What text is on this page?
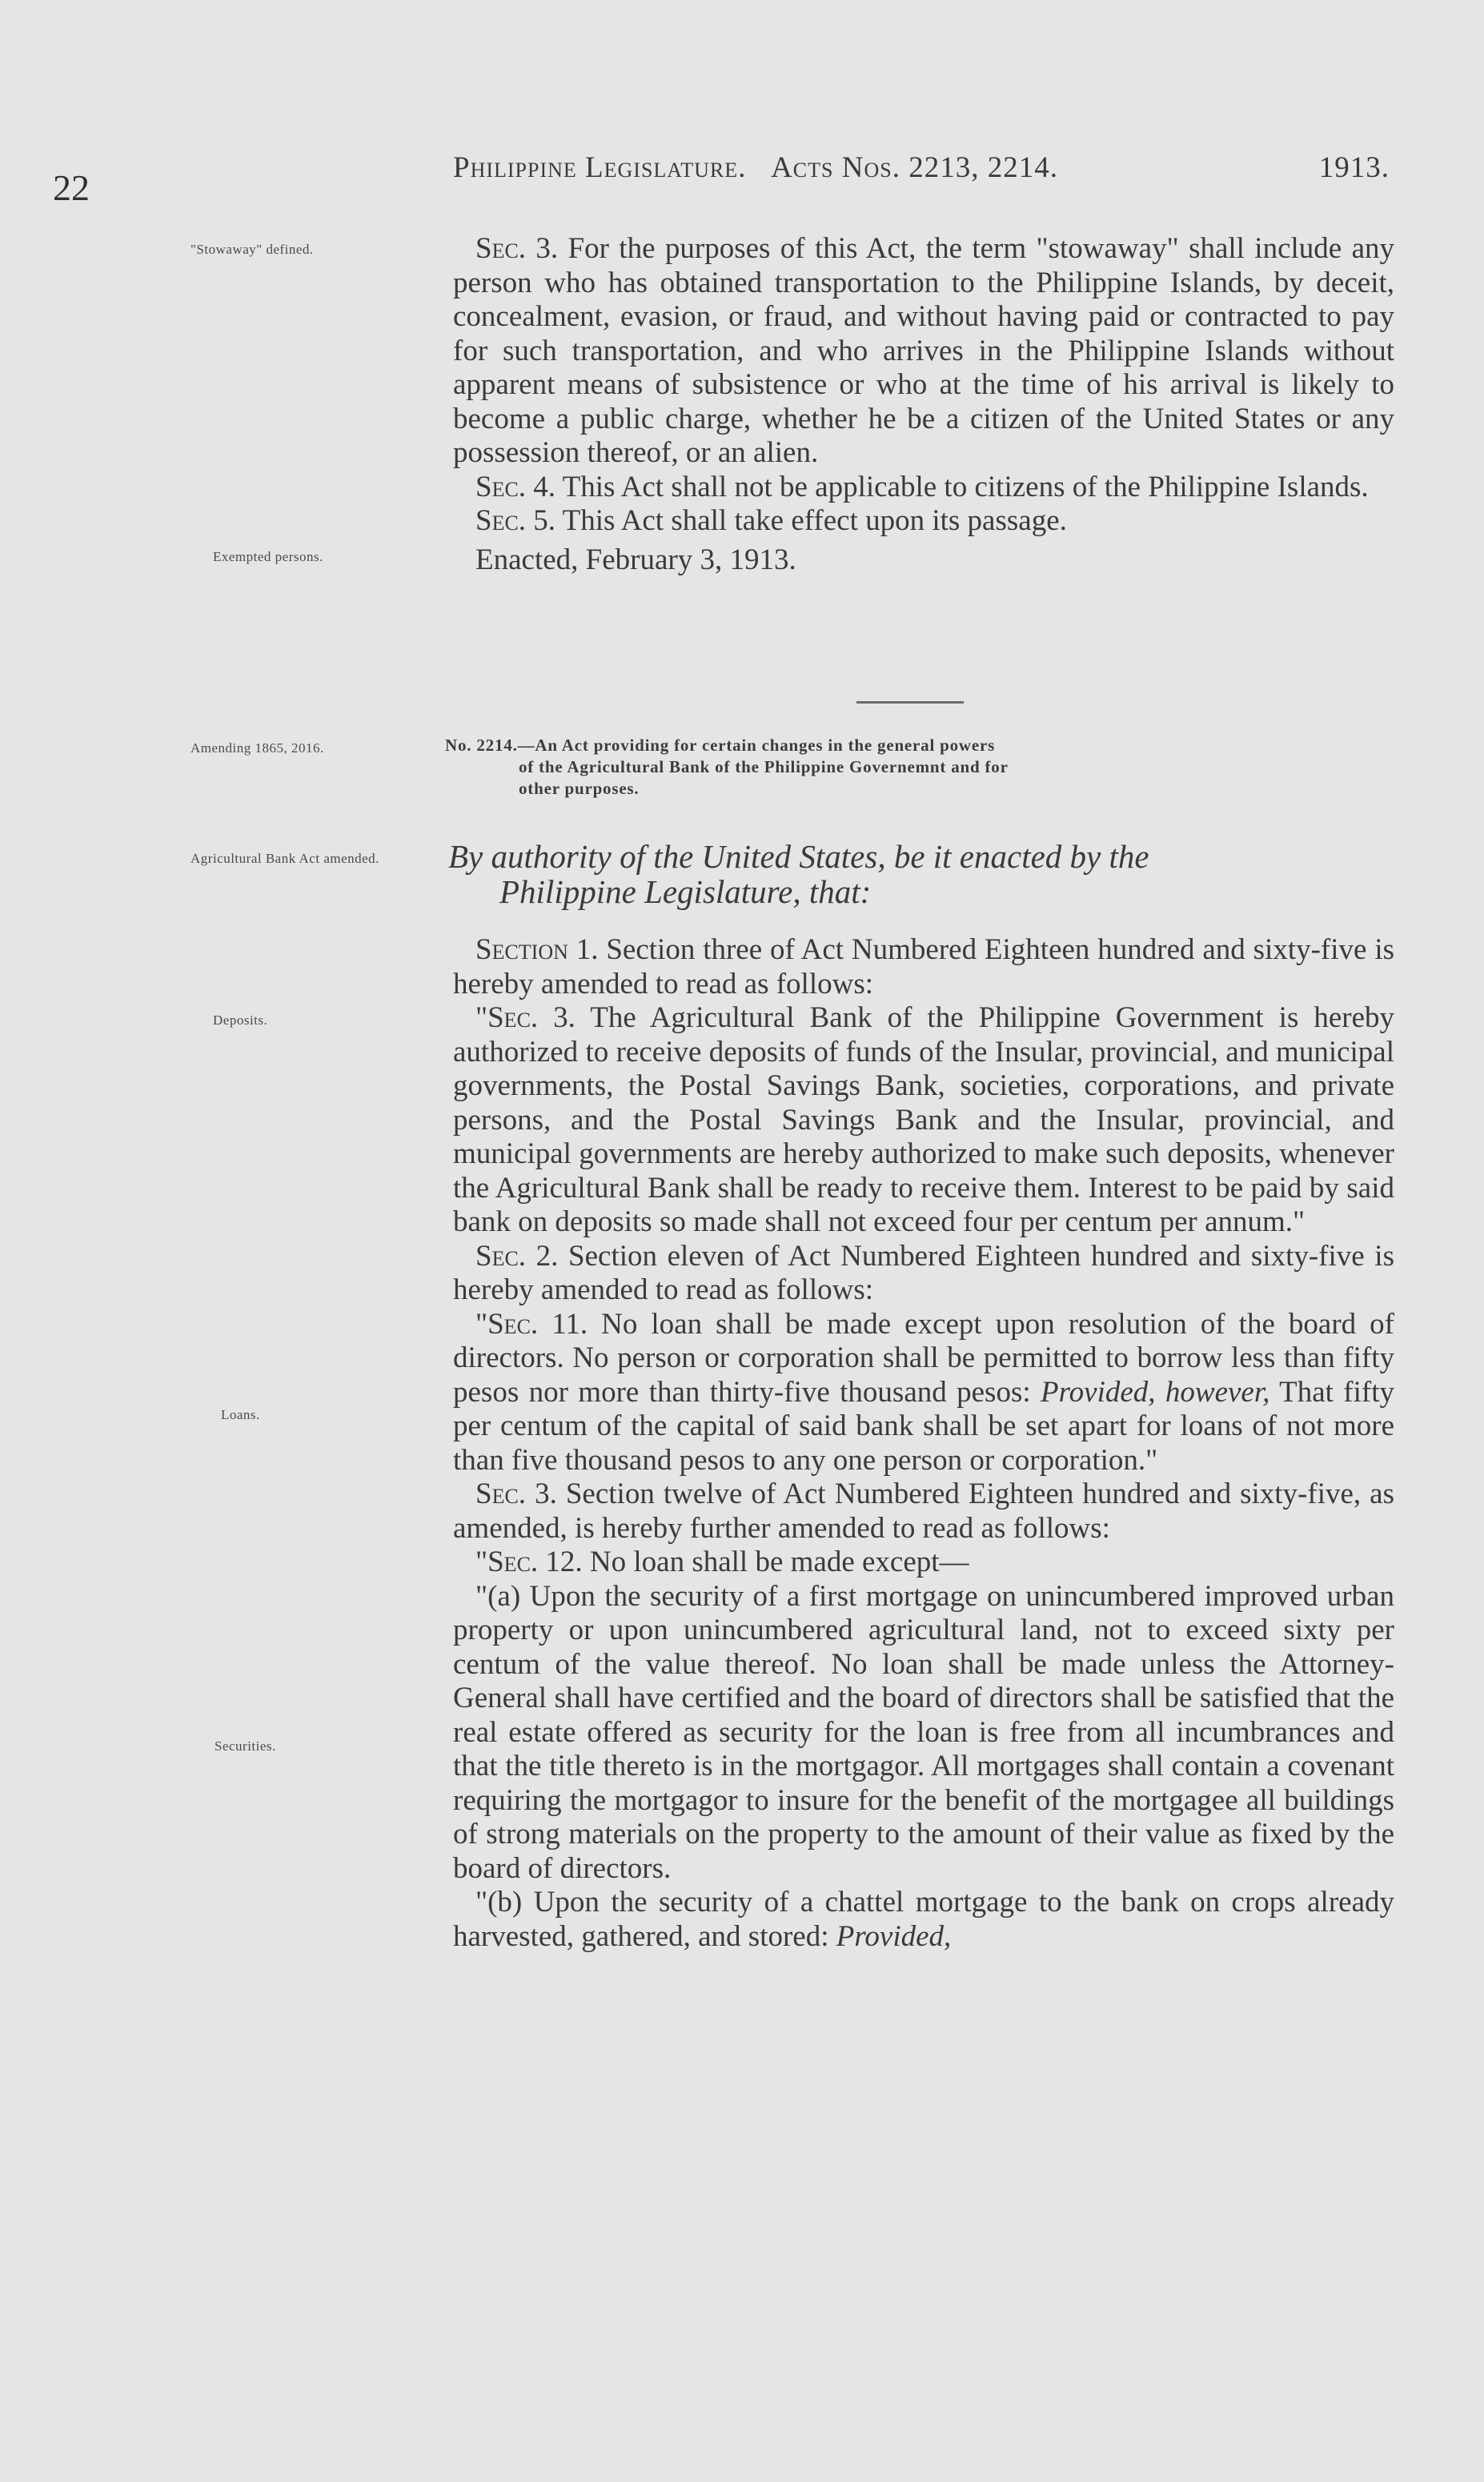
22	Philippine Legislature. Acts Nos. 2213, 2214.	1913.
"Stowaway" defined.
Exempted persons.
Amending 1865, 2016.
Agricultural Bank Act amended.
Deposits.
Loans.
Securities.

Sec. 3. For the purposes of this Act, the term "stowaway" shall include any person who has obtained transportation to the Philippine Islands, by deceit, concealment, evasion, or fraud, and without having paid or contracted to pay for such transportation, and who arrives in the Philippine Islands without apparent means of subsistence or who at the time of his arrival is likely to become a public charge, whether he be a citizen of the United States or any possession thereof, or an alien.

Sec. 4. This Act shall not be applicable to citizens of the Philippine Islands.

Sec. 5. This Act shall take effect upon its passage.

Enacted, February 3, 1913.

No. 2214.—An Act providing for certain changes in the general powers
of the Agricultural Bank of the Philippine Governemnt and for
other purposes.
By authority of the United States, be it enacted by the
Philippine Legislature, that:

Section 1. Section three of Act Numbered Eighteen hundred and sixty-five is hereby amended to read as follows:

"Sec. 3. The Agricultural Bank of the Philippine Government is hereby authorized to receive deposits of funds of the Insular, provincial, and municipal governments, the Postal Savings Bank, societies, corporations, and private persons, and the Postal Savings Bank and the Insular, provincial, and municipal governments are hereby authorized to make such deposits, whenever the Agricultural Bank shall be ready to receive them. Interest to be paid by said bank on deposits so made shall not exceed four per centum per annum."

Sec. 2. Section eleven of Act Numbered Eighteen hundred and sixty-five is hereby amended to read as follows:

"Sec. 11. No loan shall be made except upon resolution of the board of directors. No person or corporation shall be permitted to borrow less than fifty pesos nor more than thirty-five thousand pesos: Provided, however, That fifty per centum of the capital of said bank shall be set apart for loans of not more than five thousand pesos to any one person or corporation."

Sec. 3. Section twelve of Act Numbered Eighteen hundred and sixty-five, as amended, is hereby further amended to read as follows:

"Sec. 12. No loan shall be made except—

"(a) Upon the security of a first mortgage on unincumbered improved urban property or upon unincumbered agricultural land, not to exceed sixty per centum of the value thereof. No loan shall be made unless the Attorney-General shall have certified and the board of directors shall be satisfied that the real estate offered as security for the loan is free from all incumbrances and that the title thereto is in the mortgagor. All mortgages shall contain a covenant requiring the mortgagor to insure for the benefit of the mortgagee all buildings of strong materials on the property to the amount of their value as fixed by the board of directors.

"(b) Upon the security of a chattel mortgage to the bank on crops already harvested, gathered, and stored: Provided,
